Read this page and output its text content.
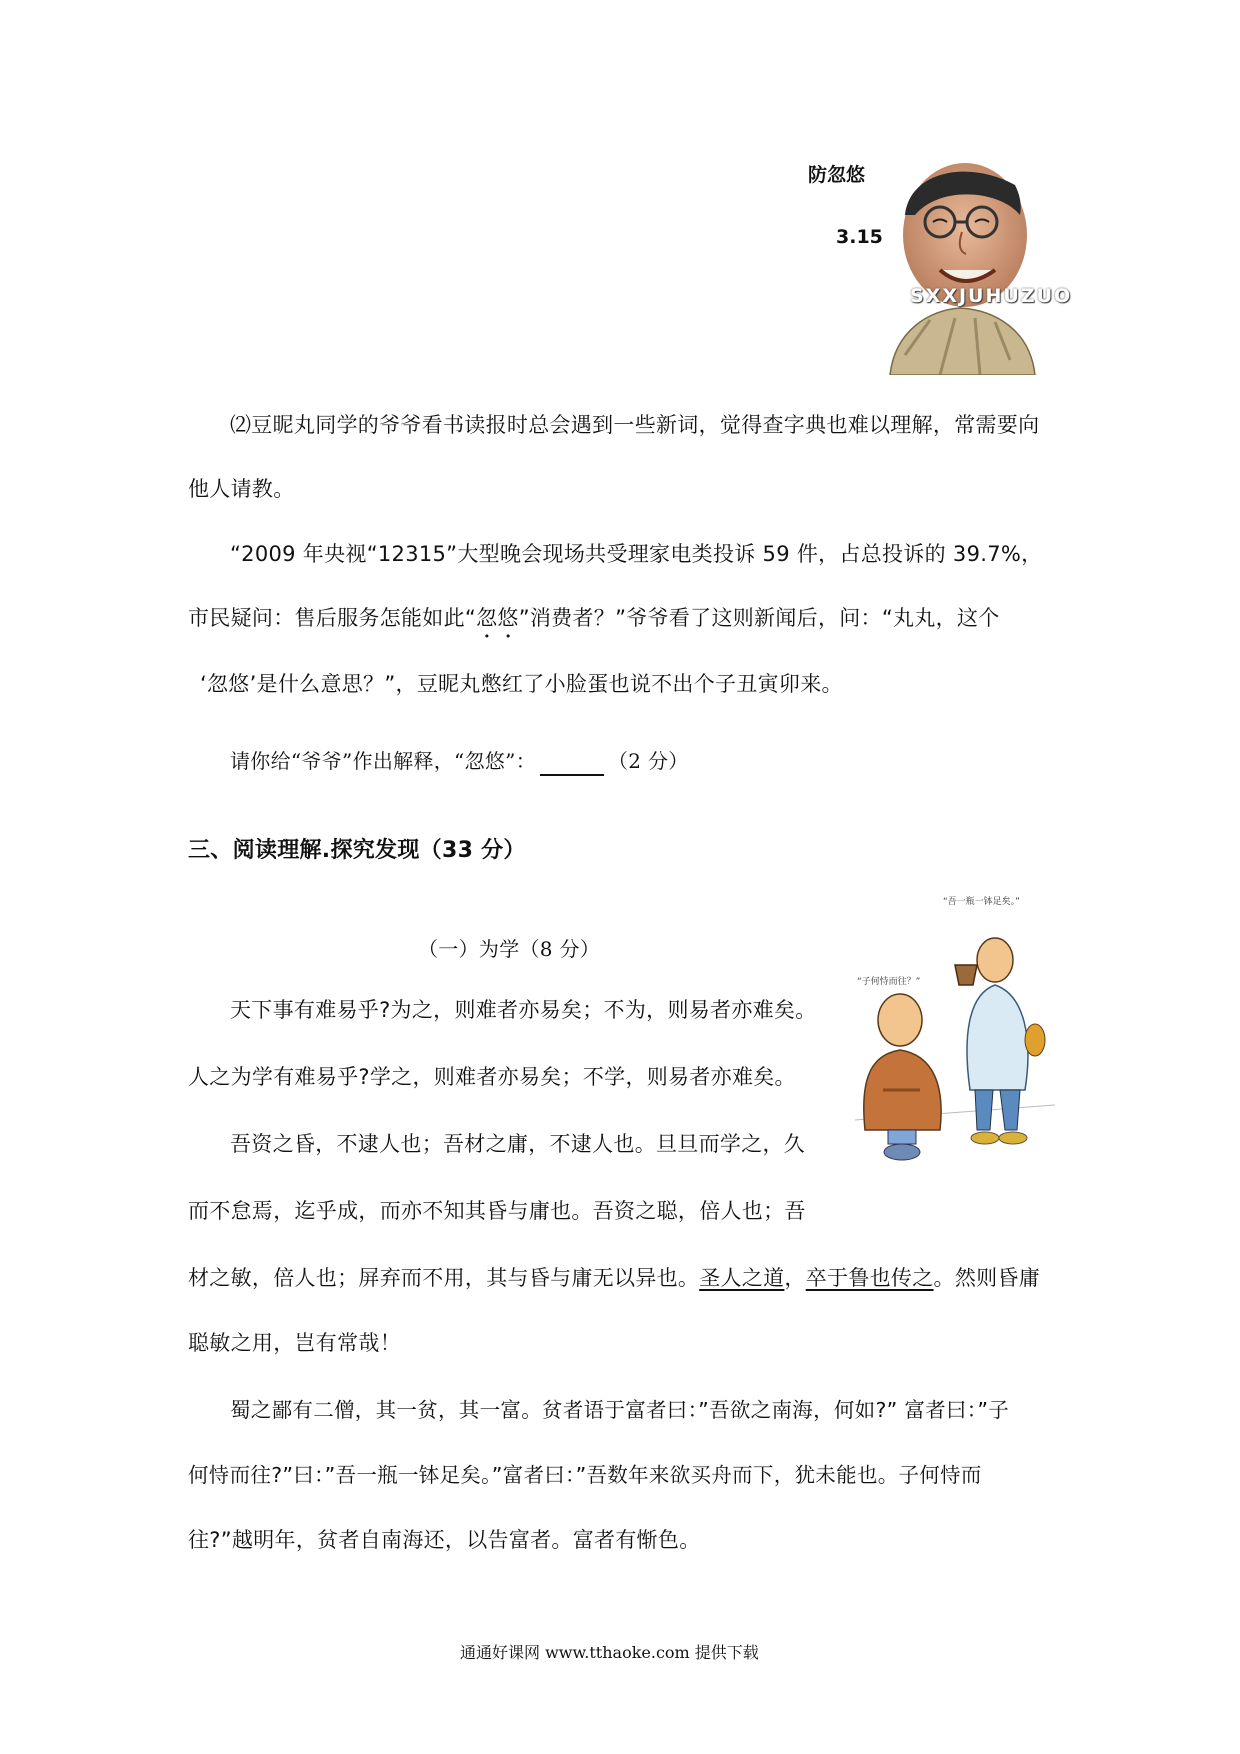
防忽悠
3.15
SXXJUHUZUO
⑵豆昵丸同学的爷爷看书读报时总会遇到一些新词，觉得查字典也难以理解，常需要向
他人请教。
“2009 年央视“12315”大型晚会现场共受理家电类投诉 59 件，占总投诉的 39.7%，
市民疑问：售后服务怎能如此“忽悠”消费者？”爷爷看了这则新闻后，问：“丸丸，这个
‘忽悠’是什么意思？”，豆昵丸憋红了小脸蛋也说不出个子丑寅卯来。
请你给“爷爷”作出解释，“忽悠”：	（2 分）
三、阅读理解.探究发现（33 分）
（一）为学（8 分）
“子何恃而往？”
“吾一瓶一钵足矣。”
天下事有难易乎?为之，则难者亦易矣；不为，则易者亦难矣。
人之为学有难易乎?学之，则难者亦易矣；不学，则易者亦难矣。
吾资之昏，不逮人也；吾材之庸，不逮人也。旦旦而学之，久
而不怠焉，迄乎成，而亦不知其昏与庸也。吾资之聪，倍人也；吾
材之敏，倍人也；屏弃而不用，其与昏与庸无以异也。圣人之道，卒于鲁也传之。然则昏庸
聪敏之用，岂有常哉！
蜀之鄙有二僧，其一贫，其一富。贫者语于富者曰：”吾欲之南海，何如?” 富者曰：”子
何恃而往?”曰：”吾一瓶一钵足矣。”富者曰：”吾数年来欲买舟而下，犹未能也。子何恃而
往?”越明年，贫者自南海还，以告富者。富者有惭色。
通通好课网 www.tthaoke.com 提供下载
